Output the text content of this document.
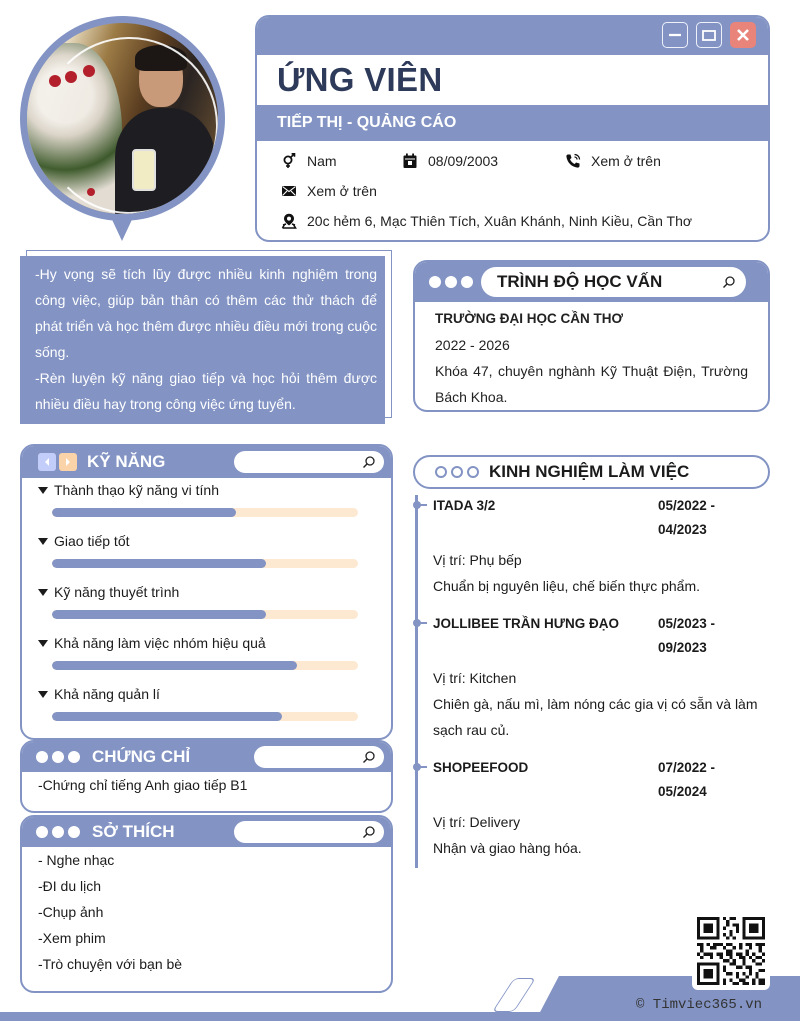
ỨNG VIÊN
TIẾP THỊ - QUẢNG CÁO
Nam	08/09/2003	Xem ở trên
Xem ở trên
20c hẻm 6, Mạc Thiên Tích, Xuân Khánh, Ninh Kiều, Cần Thơ

-Hy vọng sẽ tích lũy được nhiều kinh nghiệm trong công việc, giúp bản thân có thêm các thử thách để phát triển và học thêm được nhiều điều mới trong cuộc sống.

-Rèn luyện kỹ năng giao tiếp và học hỏi thêm được nhiều điều hay trong công việc ứng tuyển.

TRÌNH ĐỘ HỌC VẤN
TRƯỜNG ĐẠI HỌC CẦN THƠ
2022 - 2026
Khóa 47, chuyên nghành Kỹ Thuật Điện, Trường Bách Khoa.
KỸ NĂNG
Thành thạo kỹ năng vi tính
Giao tiếp tốt
Kỹ năng thuyết trình
Khả năng làm việc nhóm hiệu quả
Khả năng quản lí
CHỨNG CHỈ
-Chứng chỉ tiếng Anh giao tiếp B1
SỞ THÍCH
- Nghe nhạc
-ĐI du lịch
-Chụp ảnh
-Xem phim
-Trò chuyện với bạn bè
KINH NGHIỆM LÀM VIỆC
ITADA 3/2	05/2022 -
04/2023
Vị trí: Phụ bếp
Chuẩn bị nguyên liệu, chế biến thực phẩm.
JOLLIBEE TRẦN HƯNG ĐẠO	05/2023 -
09/2023
Vị trí: Kitchen
Chiên gà, nấu mì, làm nóng các gia vị có sẵn và làm
sạch rau củ.
SHOPEEFOOD	07/2022 -
05/2024
Vị trí: Delivery
Nhận và giao hàng hóa.
© Timviec365.vn
